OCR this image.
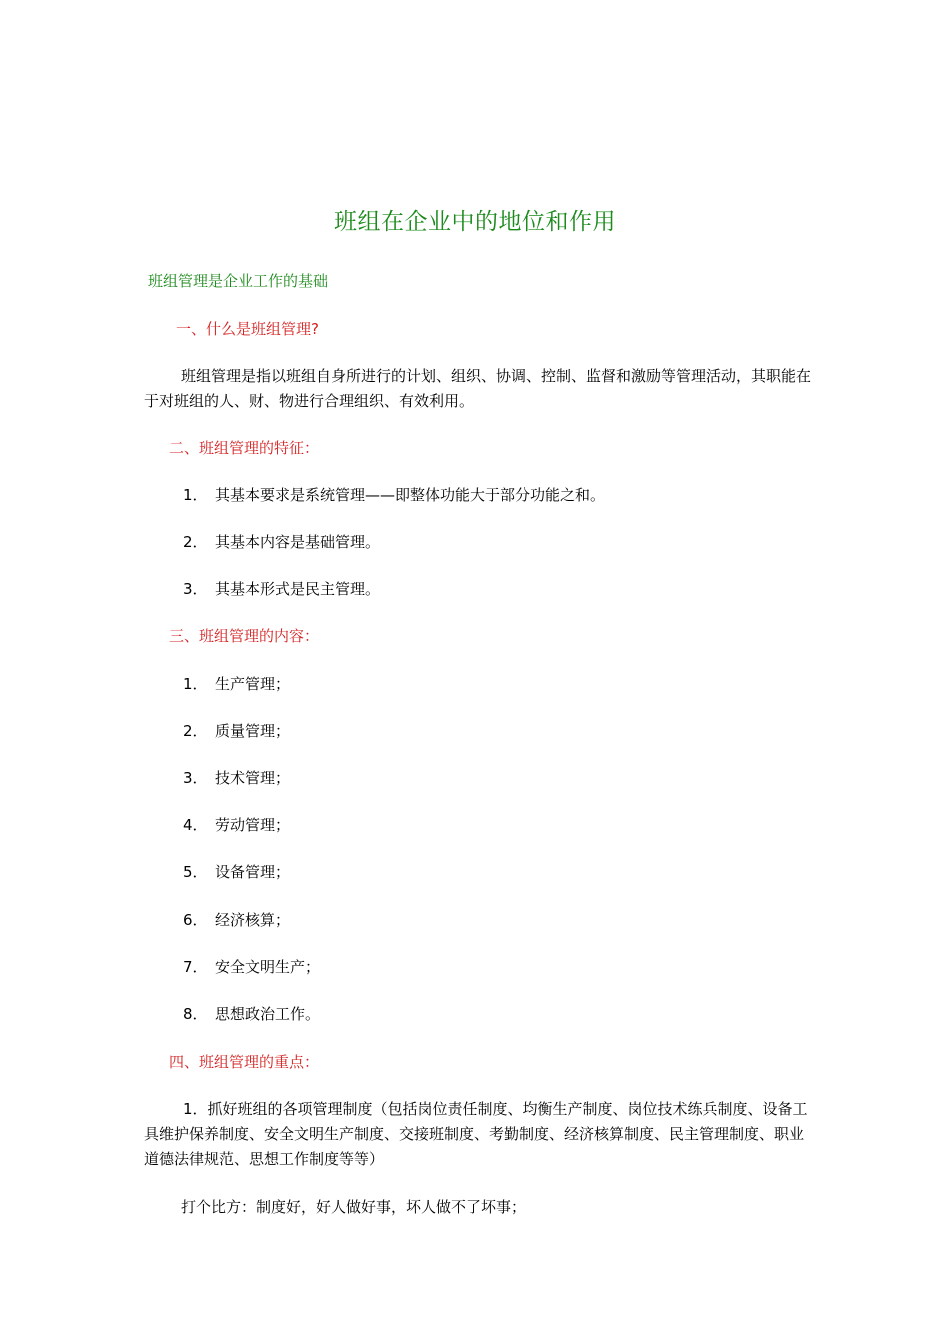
班组在企业中的地位和作用
班组管理是企业工作的基础
一、什么是班组管理?
班组管理是指以班组自身所进行的计划、组织、协调、控制、监督和激励等管理活动，其职能在于对班组的人、财、物进行合理组织、有效利用。
二、班组管理的特征：
1． 其基本要求是系统管理——即整体功能大于部分功能之和。
2． 其基本内容是基础管理。
3． 其基本形式是民主管理。
三、班组管理的内容：
1． 生产管理；
2． 质量管理；
3． 技术管理；
4． 劳动管理；
5． 设备管理；
6． 经济核算；
7． 安全文明生产；
8． 思想政治工作。
四、班组管理的重点：
1．抓好班组的各项管理制度（包括岗位责任制度、均衡生产制度、岗位技术练兵制度、设备工具维护保养制度、安全文明生产制度、交接班制度、考勤制度、经济核算制度、民主管理制度、职业道德法律规范、思想工作制度等等）
打个比方：制度好，好人做好事，坏人做不了坏事；
